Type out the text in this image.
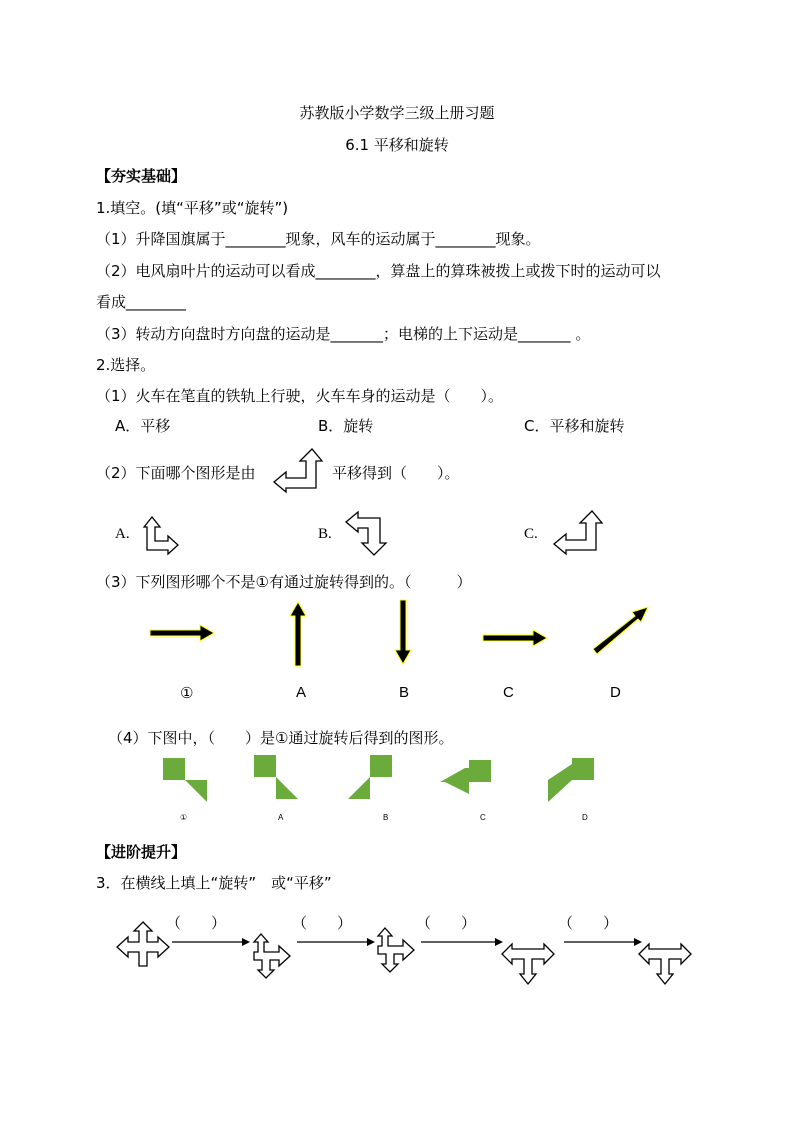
苏教版小学数学三级上册习题
6.1 平移和旋转
【夯实基础】
1.填空。(填“平移”或“旋转”)
（1）升降国旗属于________现象，风车的运动属于________现象。
（2）电风扇叶片的运动可以看成________，算盘上的算珠被拨上或拨下时的运动可以
看成________
（3）转动方向盘时方向盘的运动是_______；电梯的上下运动是_______ 。
2.选择。
（1）火车在笔直的铁轨上行驶，火车车身的运动是（　　）。
A．平移	B．旋转	C．平移和旋转
（2）下面哪个图形是由	平移得到（　　）。
A.	B.	C.
（3）下列图形哪个不是①有通过旋转得到的。（　　　）
①	A	B	C	D
（4）下图中，（　　）是①通过旋转后得到的图形。
①	A	B	C	D
【进阶提升】
3．在横线上填上“旋转”　或“平移”
（　　）	（　　）	（　　）	（　　）
